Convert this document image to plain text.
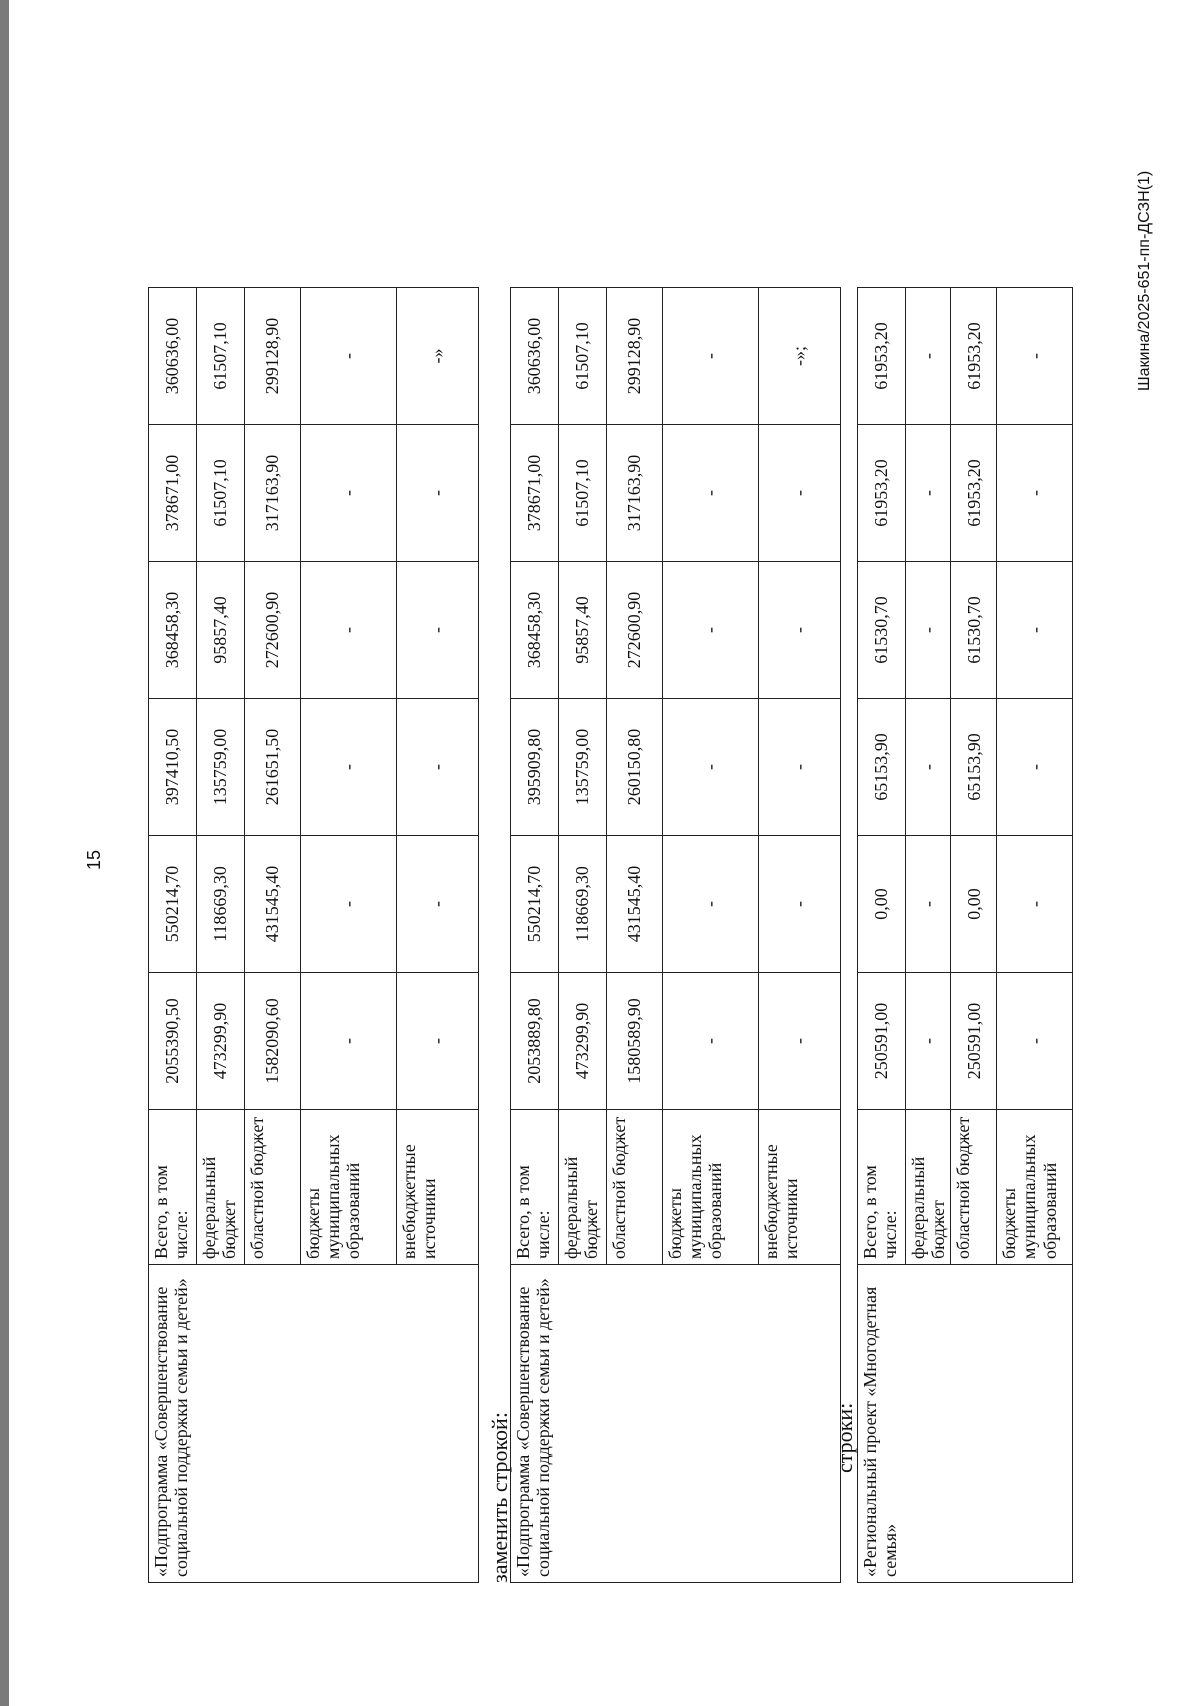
15
«Подпрограмма «Совершенствование социальной поддержки семьи и детей»	Всего, в том числе:	2055390,50	550214,70	397410,50	368458,30	378671,00	360636,00
	федеральный бюджет	473299,90	118669,30	135759,00	95857,40	61507,10	61507,10
	областной бюджет	1582090,60	431545,40	261651,50	272600,90	317163,90	299128,90
	бюджеты муниципальных образований	-	-	-	-	-	-
	внебюджетные источники	-	-	-	-	-	-»
заменить строкой: «Подпрограмма «Совершенствование социальной поддержки семьи и детей»	Всего, в том числе:	2053889,80	550214,70	395909,80	368458,30	378671,00	360636,00
	федеральный бюджет	473299,90	118669,30	135759,00	95857,40	61507,10	61507,10
	областной бюджет	1580589,90	431545,40	260150,80	272600,90	317163,90	299128,90
	бюджеты муниципальных образований	-	-	-	-	-	-
	внебюджетные источники	-	-	-	-	-	-»;
строки: «Региональный проект «Многодетная семья»	Всего, в том числе:	250591,00	0,00	65153,90	61530,70	61953,20	61953,20
	федеральный бюджет	-	-	-	-	-	-
	областной бюджет	250591,00	0,00	65153,90	61530,70	61953,20	61953,20
	бюджеты муниципальных образований	-	-	-	-	-	-	Шакина/2025-651-пп-ДСЗН(1)
